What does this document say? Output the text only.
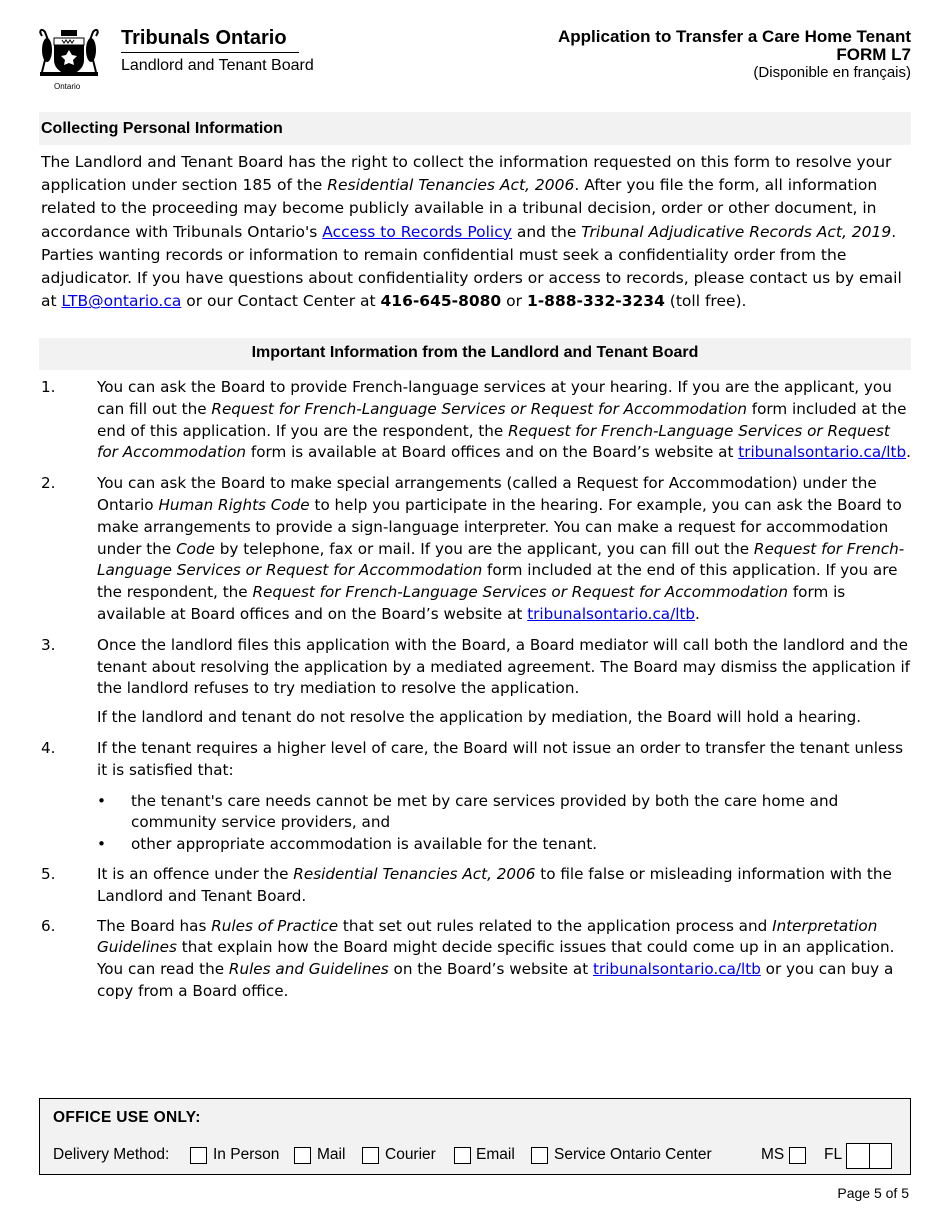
Ontario
Tribunals Ontario
Landlord and Tenant Board
Application to Transfer a Care Home Tenant
FORM L7
(Disponible en français)
Collecting Personal Information
The Landlord and Tenant Board has the right to collect the information requested on this form to resolve your application under section 185 of the Residential Tenancies Act, 2006. After you file the form, all information related to the proceeding may become publicly available in a tribunal decision, order or other document, in accordance with Tribunals Ontario's Access to Records Policy and the Tribunal Adjudicative Records Act, 2019. Parties wanting records or information to remain confidential must seek a confidentiality order from the adjudicator. If you have questions about confidentiality orders or access to records, please contact us by email at LTB@ontario.ca or our Contact Center at 416-645-8080 or 1-888-332-3234 (toll free).
Important Information from the Landlord and Tenant Board
1.	You can ask the Board to provide French-language services at your hearing. If you are the applicant, you can fill out the Request for French-Language Services or Request for Accommodation form included at the end of this application. If you are the respondent, the Request for French-Language Services or Request for Accommodation form is available at Board offices and on the Board’s website at tribunalsontario.ca/ltb.

2.	You can ask the Board to make special arrangements (called a Request for Accommodation) under the Ontario Human Rights Code to help you participate in the hearing. For example, you can ask the Board to make arrangements to provide a sign-language interpreter. You can make a request for accommodation under the Code by telephone, fax or mail. If you are the applicant, you can fill out the Request for French-Language Services or Request for Accommodation form included at the end of this application. If you are the respondent, the Request for French-Language Services or Request for Accommodation form is available at Board offices and on the Board’s website at tribunalsontario.ca/ltb.

3.	Once the landlord files this application with the Board, a Board mediator will call both the landlord and the tenant about resolving the application by a mediated agreement. The Board may dismiss the application if the landlord refuses to try mediation to resolve the application.

If the landlord and tenant do not resolve the application by mediation, the Board will hold a hearing.

4.	If the tenant requires a higher level of care, the Board will not issue an order to transfer the tenant unless it is satisfied that:

•	the tenant's care needs cannot be met by care services provided by both the care home and community service providers, and
•	other appropriate accommodation is available for the tenant.
5.	It is an offence under the Residential Tenancies Act, 2006 to file false or misleading information with the Landlord and Tenant Board.

6.	The Board has Rules of Practice that set out rules related to the application process and Interpretation Guidelines that explain how the Board might decide specific issues that could come up in an application. You can read the Rules and Guidelines on the Board’s website at tribunalsontario.ca/ltb or you can buy a copy from a Board office.

OFFICE USE ONLY:
Delivery Method:	In Person Mail	Courier	Email	Service Ontario Center	MS	FL
Page 5 of 5
